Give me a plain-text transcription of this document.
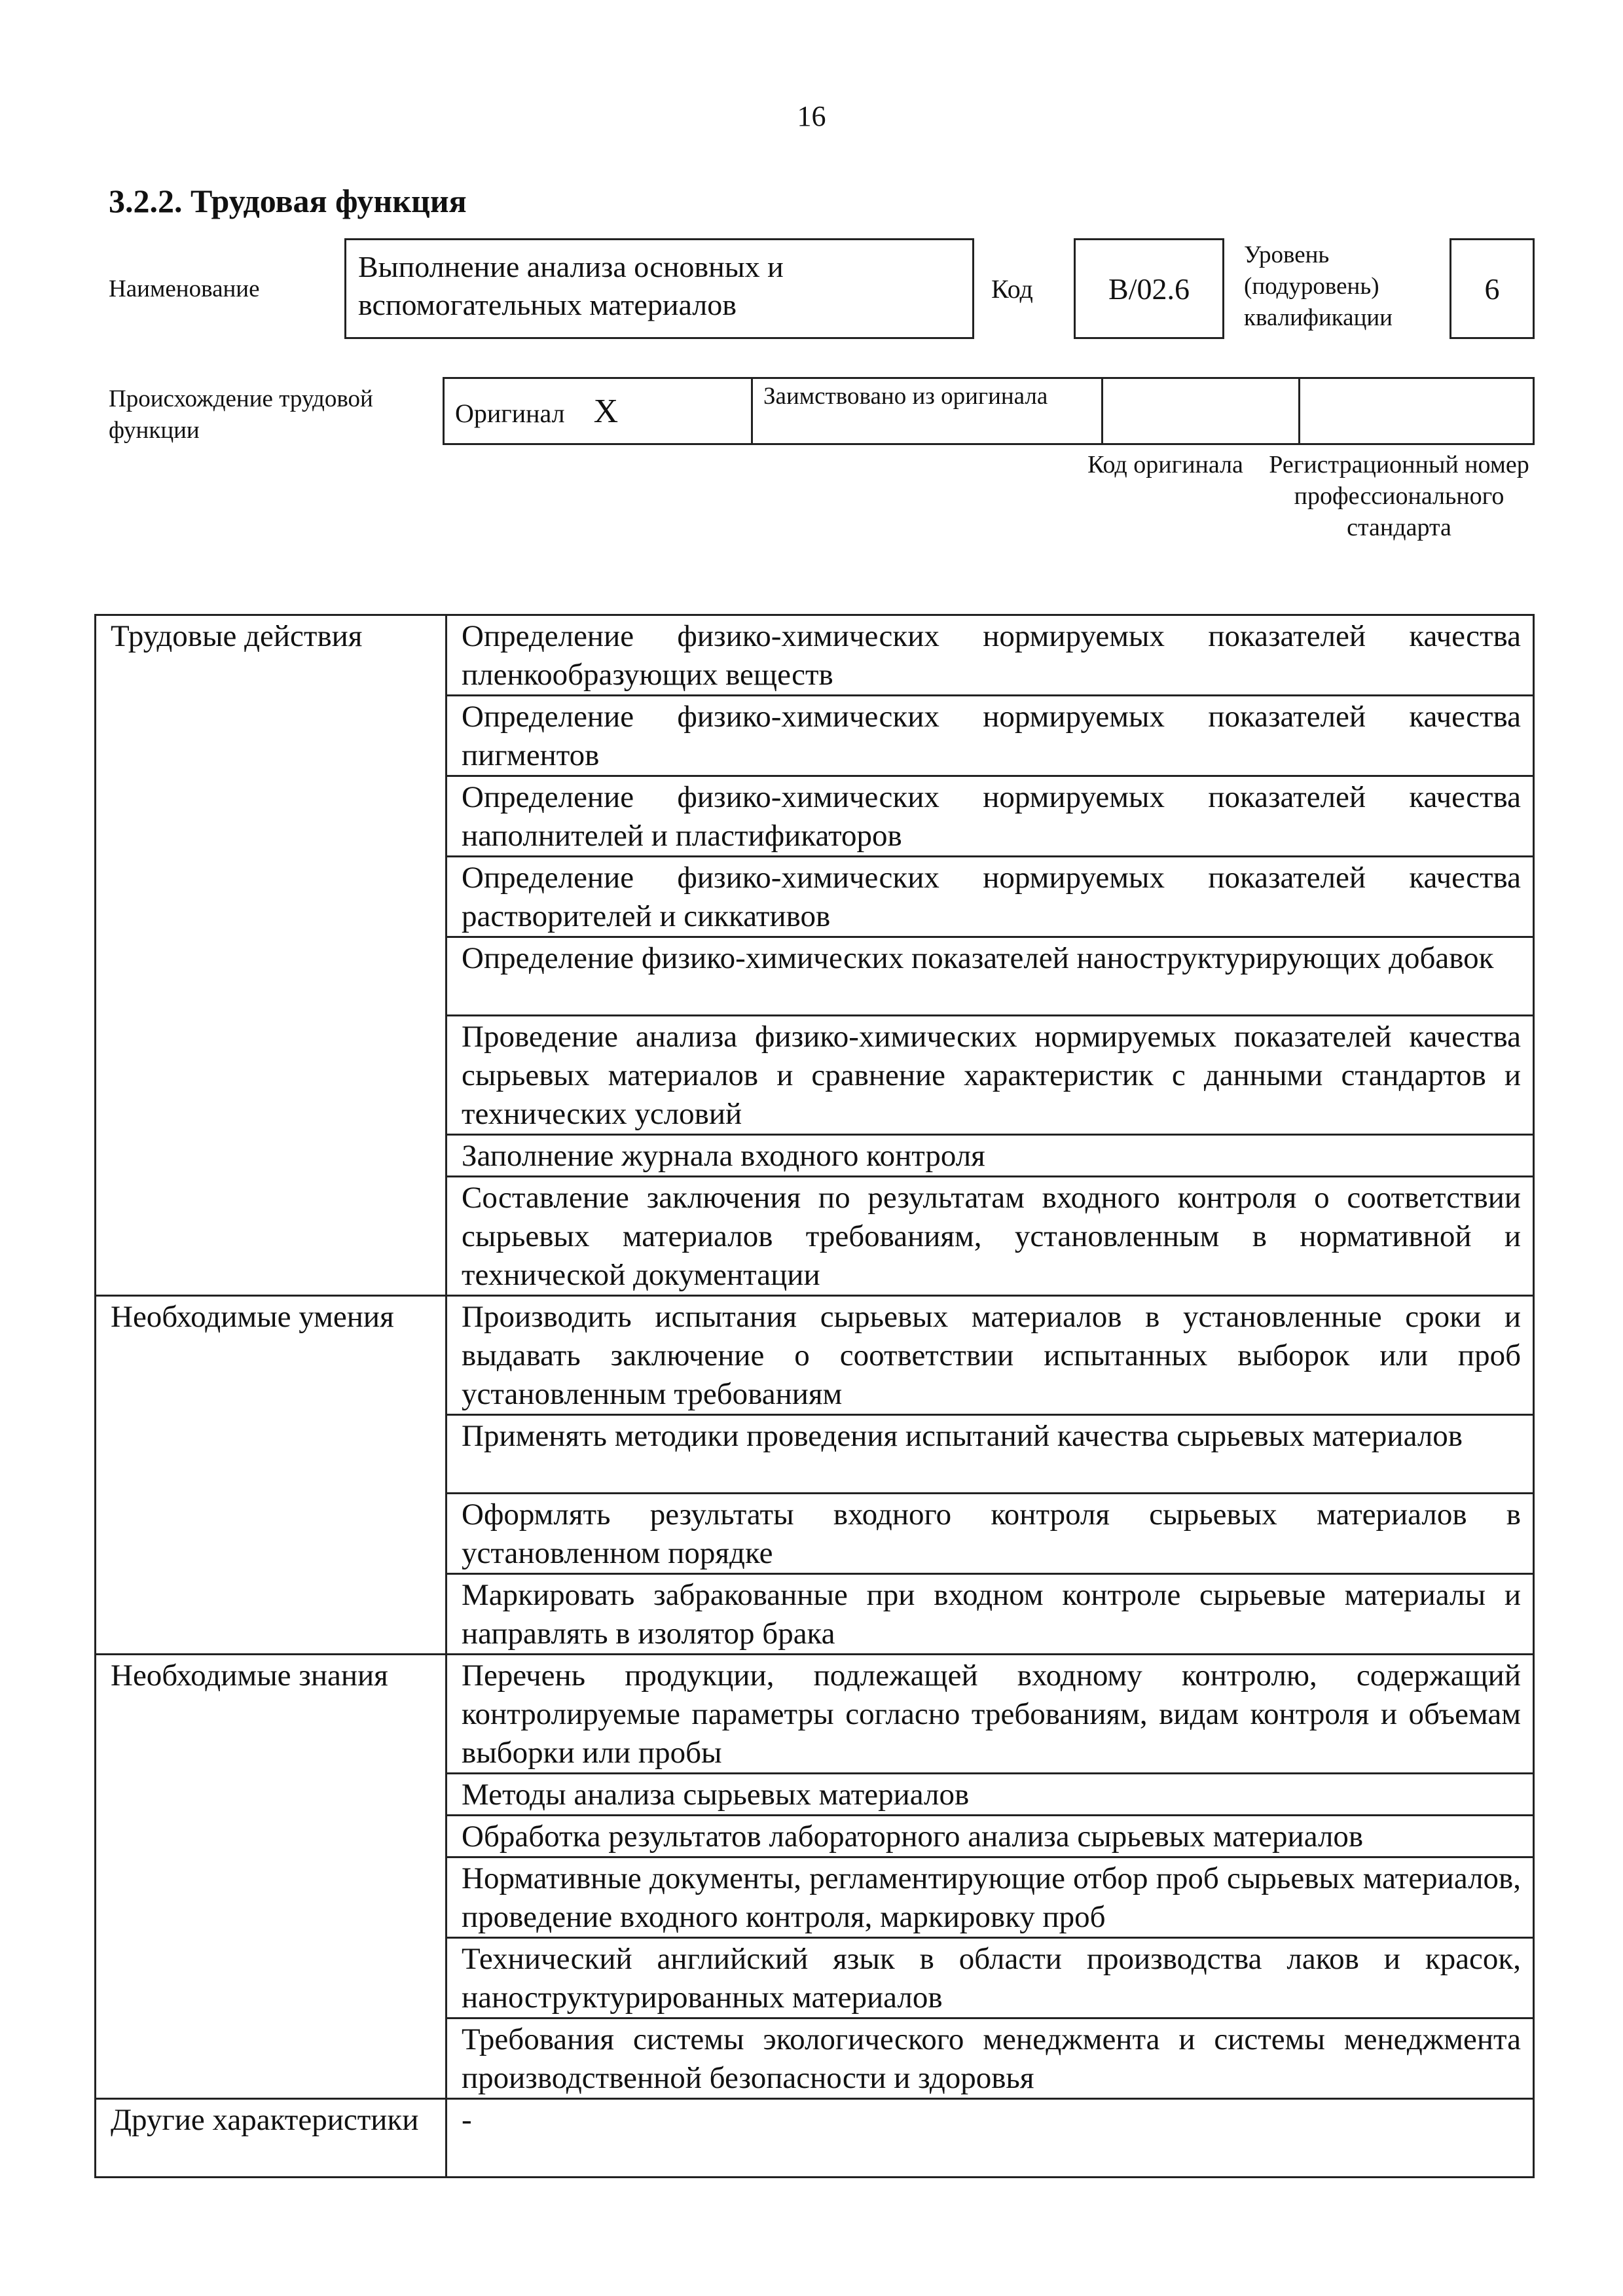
16
3.2.2. Трудовая функция
Наименование
Выполнение анализа основных и вспомогательных материалов	Код	B/02.6
Уровень (подуровень) квалификации
6
Происхождение трудовой функции
Оригинал X	Заимствовано из оригинала		
Код оригинала	Регистрационный номер профессионального стандарта
Трудовые действия	Определение физико-химических нормируемых показателей качества пленкообразующих веществ
	Определение физико-химических нормируемых показателей качества пигментов
	Определение физико-химических нормируемых показателей качества наполнителей и пластификаторов
	Определение физико-химических нормируемых показателей качества растворителей и сиккативов
	Определение физико-химических показателей наноструктурирующих добавок
	Проведение анализа физико-химических нормируемых показателей качества сырьевых материалов и сравнение характеристик с данными стандартов и технических условий
	Заполнение журнала входного контроля
	Составление заключения по результатам входного контроля о соответствии сырьевых материалов требованиям, установленным в нормативной и технической документации
Необходимые умения	Производить испытания сырьевых материалов в установленные сроки и выдавать заключение о соответствии испытанных выборок или проб установленным требованиям
	Применять методики проведения испытаний качества сырьевых материалов
	Оформлять результаты входного контроля сырьевых материалов в установленном порядке
	Маркировать забракованные при входном контроле сырьевые материалы и направлять в изолятор брака
Необходимые знания	Перечень продукции, подлежащей входному контролю, содержащий контролируемые параметры согласно требованиям, видам контроля и объемам выборки или пробы
	Методы анализа сырьевых материалов
	Обработка результатов лабораторного анализа сырьевых материалов
	Нормативные документы, регламентирующие отбор проб сырьевых материалов, проведение входного контроля, маркировку проб
	Технический английский язык в области производства лаков и красок, наноструктурированных материалов
	Требования системы экологического менеджмента и системы менеджмента производственной безопасности и здоровья
Другие характеристики	-
